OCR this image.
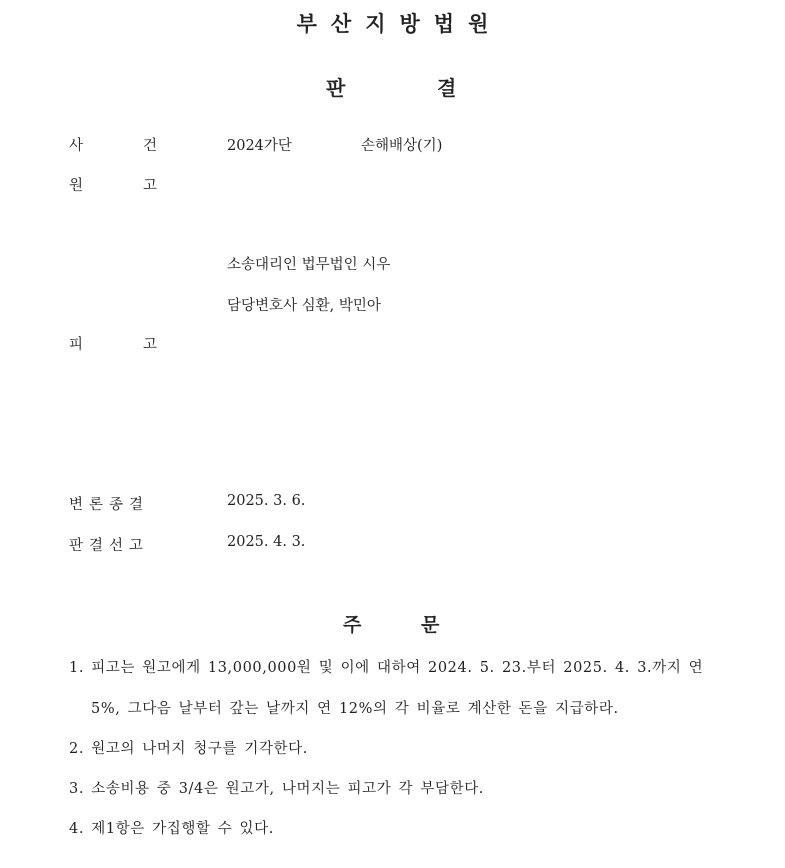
부산지방법원
판	결
사	건	2024가단	손해배상(기)
원	고
소송대리인 법무법인 시우
담당변호사 심환, 박민아
피	고
변론종결	2025. 3. 6.
판결선고	2025. 4. 3.
주	문
1. 피고는 원고에게 13,000,000원 및 이에 대하여 2024. 5. 23.부터 2025. 4. 3.까지 연
5%, 그다음 날부터 갚는 날까지 연 12%의 각 비율로 계산한 돈을 지급하라.
2. 원고의 나머지 청구를 기각한다.
3. 소송비용 중 3/4은 원고가, 나머지는 피고가 각 부담한다.
4. 제1항은 가집행할 수 있다.
